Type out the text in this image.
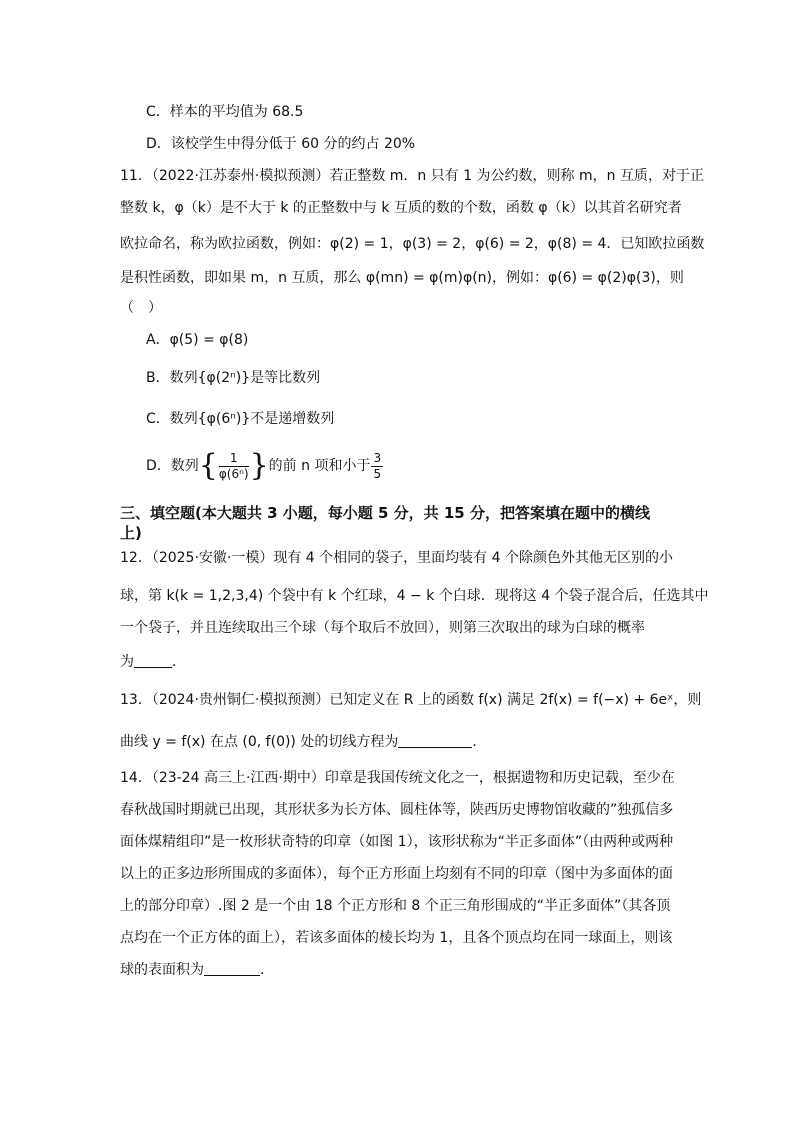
C．样本的平均值为 68.5
D．该校学生中得分低于 60 分的约占 20%
11．（2022·江苏泰州·模拟预测）若正整数 m．n 只有 1 为公约数，则称 m，n 互质，对于正
整数 k，φ（k）是不大于 k 的正整数中与 k 互质的数的个数，函数 φ（k）以其首名研究者
欧拉命名，称为欧拉函数，例如：φ(2) = 1，φ(3) = 2，φ(6) = 2，φ(8) = 4．已知欧拉函数
是积性函数，即如果 m，n 互质，那么 φ(mn) = φ(m)φ(n)，例如：φ(6) = φ(2)φ(3)，则
（　）
A．φ(5) = φ(8)
B．数列{φ(2ⁿ)}是等比数列
C．数列{φ(6ⁿ)}不是递增数列
D．数列{ $\frac{1}{\text{φ(6ⁿ)}}$ }的前 n 项和小于 $\frac{3}{5}$
三、填空题(本大题共 3 小题，每小题 5 分，共 15 分，把答案填在题中的横线
上)
12．（2025·安徽·一模）现有 4 个相同的袋子，里面均装有 4 个除颜色外其他无区别的小
球，第 k(k = 1,2,3,4) 个袋中有 k 个红球，4 − k 个白球．现将这 4 个袋子混合后，任选其中
一个袋子，并且连续取出三个球（每个取后不放回），则第三次取出的球为白球的概率
为	．
13．（2024·贵州铜仁·模拟预测）已知定义在 R 上的函数 f(x) 满足 2f(x) = f(−x) + 6eˣ，则
曲线 y = f(x) 在点 (0, f(0)) 处的切线方程为	．
14．（23-24 高三上·江西·期中）印章是我国传统文化之一，根据遗物和历史记载，至少在
春秋战国时期就已出现，其形状多为长方体、圆柱体等，陕西历史博物馆收藏的”独孤信多
面体煤精组印”是一枚形状奇特的印章（如图 1），该形状称为“半正多面体”（由两种或两种
以上的正多边形所围成的多面体），每个正方形面上均刻有不同的印章（图中为多面体的面
上的部分印章）.图 2 是一个由 18 个正方形和 8 个正三角形围成的“半正多面体”（其各顶
点均在一个正方体的面上），若该多面体的棱长均为 1，且各个顶点均在同一球面上，则该
球的表面积为	.
